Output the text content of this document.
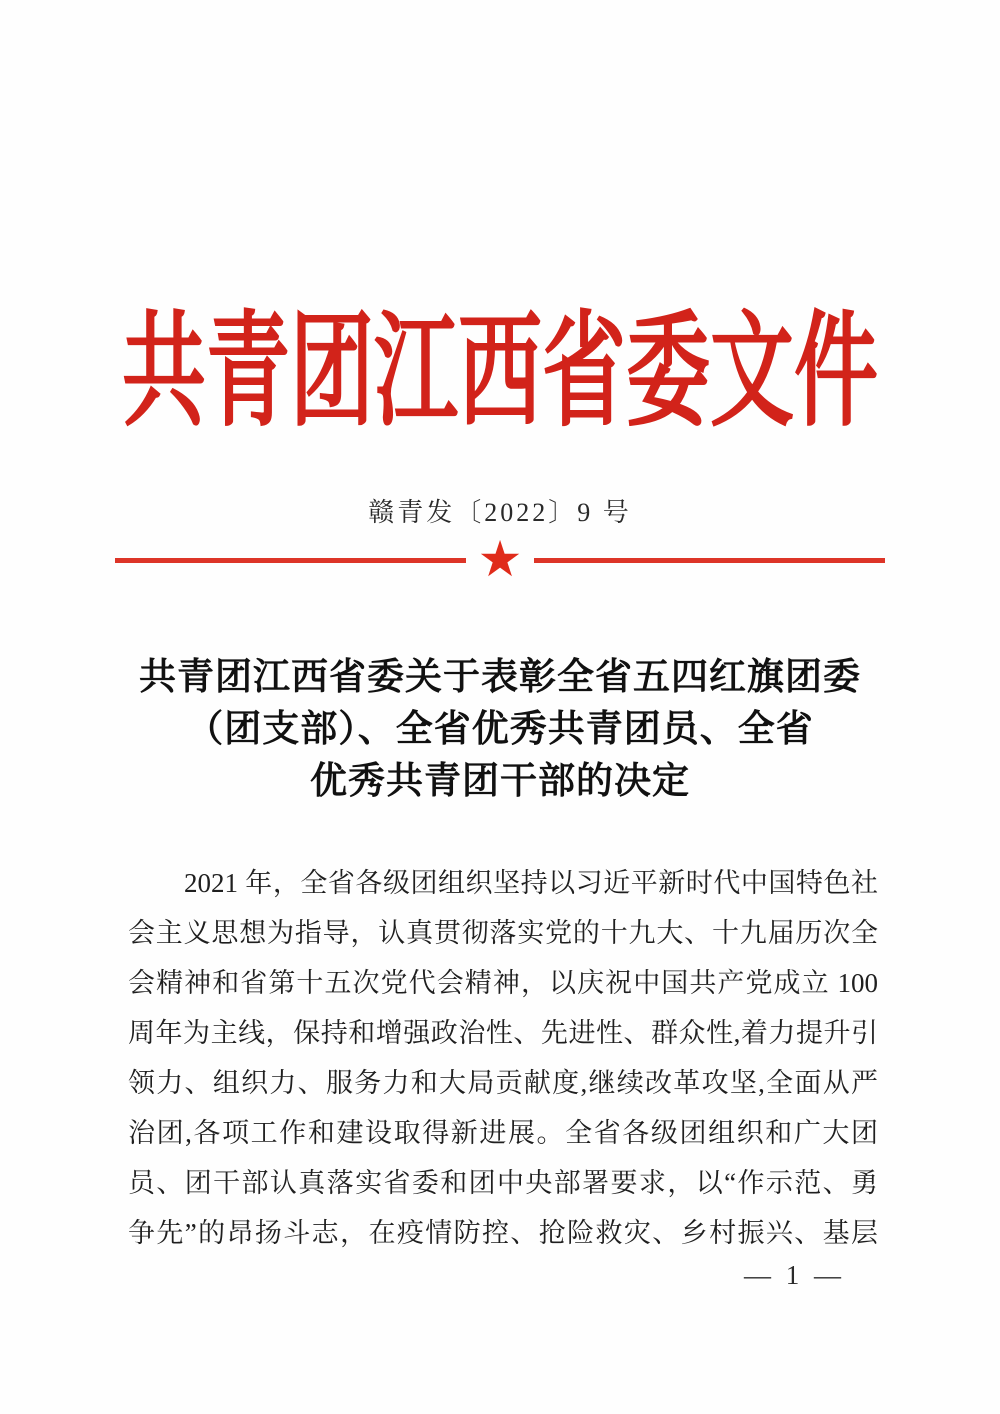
共青团江西省委文件
赣青发〔2022〕9 号
★
共青团江西省委关于表彰全省五四红旗团委
（团支部）、全省优秀共青团员、全省
优秀共青团干部的决定
2021 年，全省各级团组织坚持以习近平新时代中国特色社
会主义思想为指导，认真贯彻落实党的十九大、十九届历次全
会精神和省第十五次党代会精神，以庆祝中国共产党成立 100
周年为主线，保持和增强政治性、先进性、群众性,着力提升引
领力、组织力、服务力和大局贡献度,继续改革攻坚,全面从严
治团,各项工作和建设取得新进展。全省各级团组织和广大团
员、团干部认真落实省委和团中央部署要求，以“作示范、勇
争先”的昂扬斗志，在疫情防控、抢险救灾、乡村振兴、基层
— 1 —
